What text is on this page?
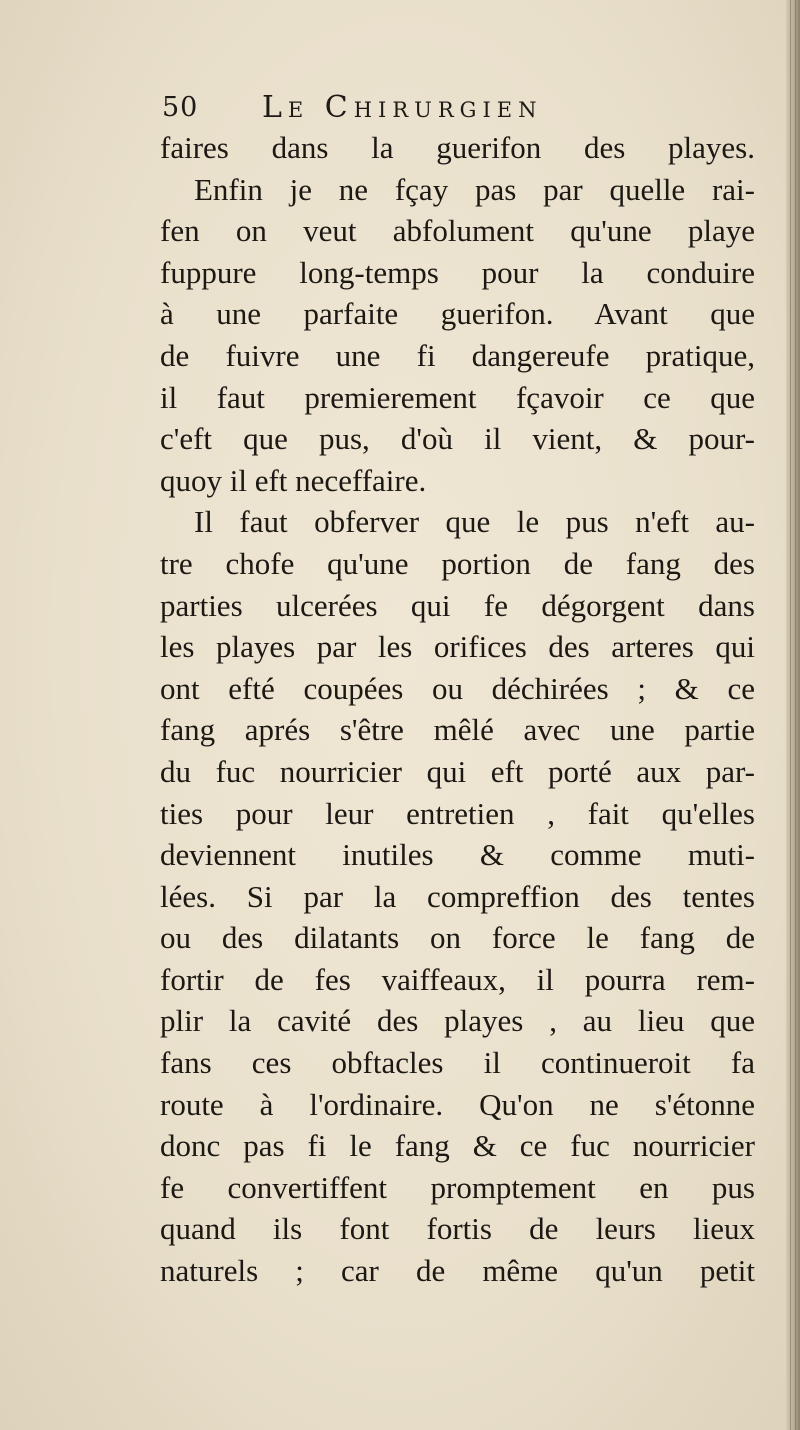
50 Le Chirurgien
faires dans la guerifon des playes.
Enfin je ne fçay pas par quelle rai-
fen on veut abfolument qu'une playe
fuppure long-temps pour la conduire
à une parfaite guerifon. Avant que
de fuivre une fi dangereufe pratique,
il faut premierement fçavoir ce que
c'eft que pus, d'où il vient, & pour-
quoy il eft neceffaire.
Il faut obferver que le pus n'eft au-
tre chofe qu'une portion de fang des
parties ulcerées qui fe dégorgent dans
les playes par les orifices des arteres qui
ont efté coupées ou déchirées ; & ce
fang aprés s'être mêlé avec une partie
du fuc nourricier qui eft porté aux par-
ties pour leur entretien , fait qu'elles
deviennent inutiles & comme muti-
lées. Si par la compreffion des tentes
ou des dilatants on force le fang de
fortir de fes vaiffeaux, il pourra rem-
plir la cavité des playes , au lieu que
fans ces obftacles il continueroit fa
route à l'ordinaire. Qu'on ne s'étonne
donc pas fi le fang & ce fuc nourricier
fe convertiffent promptement en pus
quand ils font fortis de leurs lieux
naturels ; car de même qu'un petit
